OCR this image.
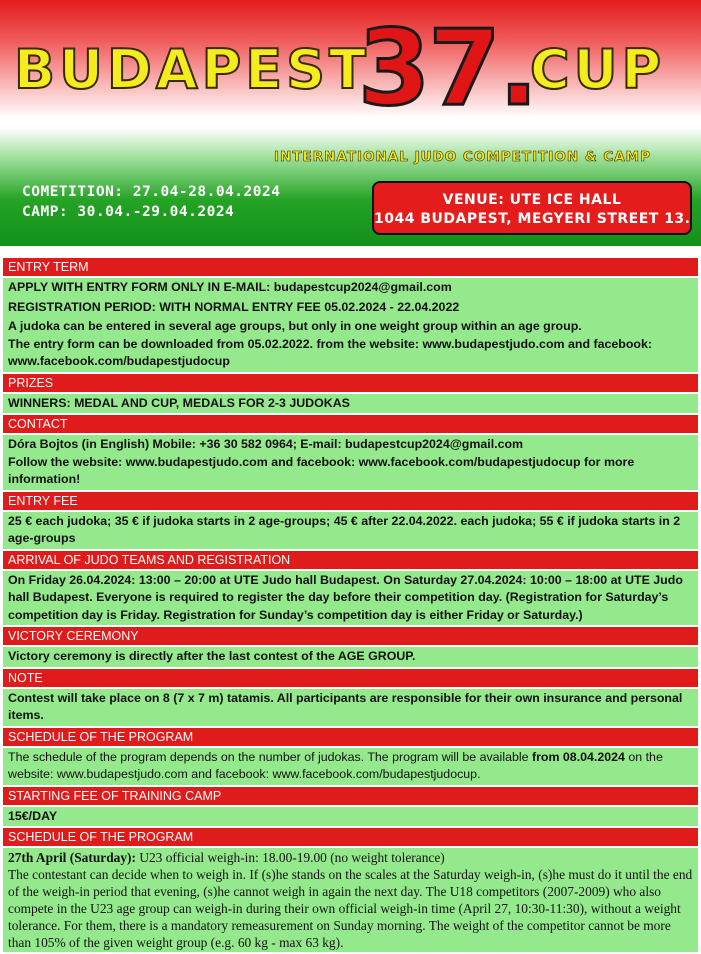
BUDAPEST
37.
CUP
INTERNATIONAL JUDO COMPETITION & CAMP
COMETITION: 27.04-28.04.2024
CAMP: 30.04.-29.04.2024
VENUE: UTE ICE HALL
1044 BUDAPEST, MEGYERI STREET 13.
ENTRY TERM

APPLY WITH ENTRY FORM ONLY IN E-MAIL: budapestcup2024@gmail.com

REGISTRATION PERIOD: WITH NORMAL ENTRY FEE 05.02.2024 - 22.04.2022

A judoka can be entered in several age groups, but only in one weight group within an age group.

The entry form can be downloaded from 05.02.2022. from the website: www.budapestjudo.com and facebook: www.facebook.com/budapestjudocup

PRIZES

WINNERS: MEDAL AND CUP, MEDALS FOR 2-3 JUDOKAS

CONTACT

Dóra Bojtos (in English) Mobile: +36 30 582 0964; E-mail: budapestcup2024@gmail.com

Follow the website: www.budapestjudo.com and facebook: www.facebook.com/budapestjudocup for more information!

ENTRY FEE

25 € each judoka; 35 € if judoka starts in 2 age-groups; 45 € after 22.04.2022. each judoka; 55 € if judoka starts in 2 age-groups

ARRIVAL OF JUDO TEAMS AND REGISTRATION

On Friday 26.04.2024: 13:00 – 20:00 at UTE Judo hall Budapest. On Saturday 27.04.2024: 10:00 – 18:00 at UTE Judo hall Budapest. Everyone is required to register the day before their competition day. (Registration for Saturday’s competition day is Friday. Registration for Sunday’s competition day is either Friday or Saturday.)

VICTORY CEREMONY

Victory ceremony is directly after the last contest of the AGE GROUP.

NOTE

Contest will take place on 8 (7 x 7 m) tatamis. All participants are responsible for their own insurance and personal items.

SCHEDULE OF THE PROGRAM

The schedule of the program depends on the number of judokas. The program will be available from 08.04.2024 on the website: www.budapestjudo.com and facebook: www.facebook.com/budapestjudocup.

STARTING FEE OF TRAINING CAMP

15€/DAY

SCHEDULE OF THE PROGRAM

27th April (Saturday): U23 official weigh-in: 18.00-19.00 (no weight tolerance)

The contestant can decide when to weigh in. If (s)he stands on the scales at the Saturday weigh-in, (s)he must do it until the end of the weigh-in period that evening, (s)he cannot weigh in again the next day. The U18 competitors (2007-2009) who also compete in the U23 age group can weigh-in during their own official weigh-in time (April 27, 10:30-11:30), without a weight tolerance. For them, there is a mandatory remeasurement on Sunday morning. The weight of the competitor cannot be more than 105% of the given weight group (e.g. 60 kg - max 63 kg).
